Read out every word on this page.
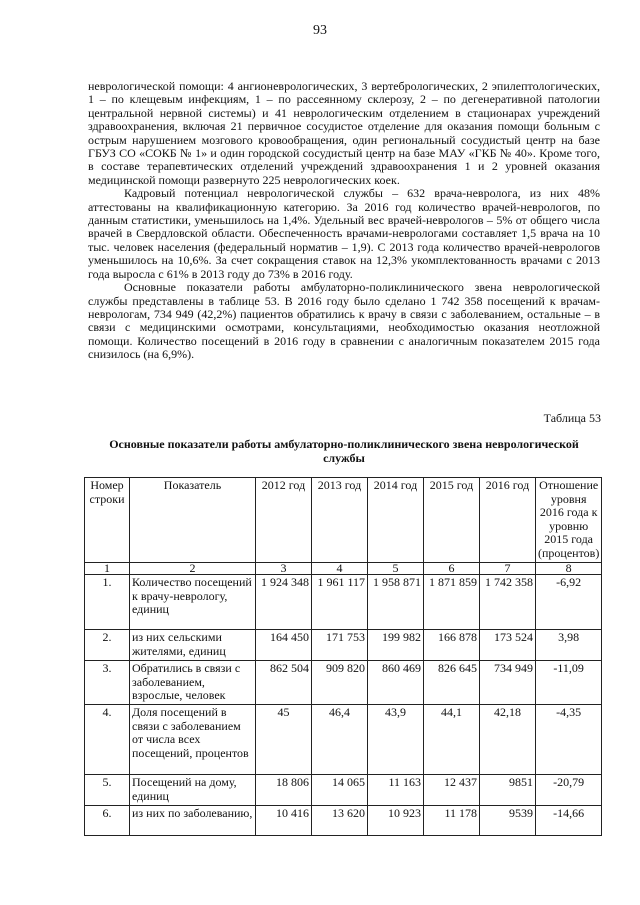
93

неврологической помощи: 4 ангионеврологических, 3 вертебрологических, 2 эпилептологических, 1 – по клещевым инфекциям, 1 – по рассеянному склерозу, 2 – по дегенеративной патологии центральной нервной системы) и 41 неврологическим отделением в стационарах учреждений здравоохранения, включая 21 первичное сосудистое отделение для оказания помощи больным с острым нарушением мозгового кровообращения, один региональный сосудистый центр на базе ГБУЗ СО «СОКБ № 1» и один городской сосудистый центр на базе МАУ «ГКБ № 40». Кроме того, в составе терапевтических отделений учреждений здравоохранения 1 и 2 уровней оказания медицинской помощи развернуто 225 неврологических коек.

Кадровый потенциал неврологической службы – 632 врача-невролога, из них 48% аттестованы на квалификационную категорию. За 2016 год количество врачей-неврологов, по данным статистики, уменьшилось на 1,4%. Удельный вес врачей-неврологов – 5% от общего числа врачей в Свердловской области. Обеспеченность врачами-неврологами составляет 1,5 врача на 10 тыс. человек населения (федеральный норматив – 1,9). С 2013 года количество врачей-неврологов уменьшилось на 10,6%. За счет сокращения ставок на 12,3% укомплектованность врачами с 2013 года выросла с 61% в 2013 году до 73% в 2016 году.

Основные показатели работы амбулаторно-поликлинического звена неврологической службы представлены в таблице 53. В 2016 году было сделано 1 742 358 посещений к врачам-неврологам, 734 949 (42,2%) пациентов обратились к врачу в связи с заболеванием, остальные – в связи с медицинскими осмотрами, консультациями, необходимостью оказания неотложной помощи. Количество посещений в 2016 году в сравнении с аналогичным показателем 2015 года снизилось (на 6,9%).

Таблица 53
Основные показатели работы амбулаторно-поликлинического звена неврологической службы
Номер строки	Показатель	2012 год	2013 год	2014 год	2015 год	2016 год	Отношение уровня 2016 года к уровню 2015 года (процентов)
1	2	3	4	5	6	7	8
1.	Количество посещений к врачу-неврологу, единиц	1 924 348	1 961 117	1 958 871	1 871 859	1 742 358	-6,92
2.	из них сельскими жителями, единиц	164 450	171 753	199 982	166 878	173 524	3,98
3.	Обратились в связи с заболеванием, взрослые, человек	862 504	909 820	860 469	826 645	734 949	-11,09
4.	Доля посещений в связи с заболеванием от числа всех посещений, процентов	45	46,4	43,9	44,1	42,18	-4,35
5.	Посещений на дому, единиц	18 806	14 065	11 163	12 437	9851	-20,79
6.	из них по заболеванию,	10 416	13 620	10 923	11 178	9539	-14,66
